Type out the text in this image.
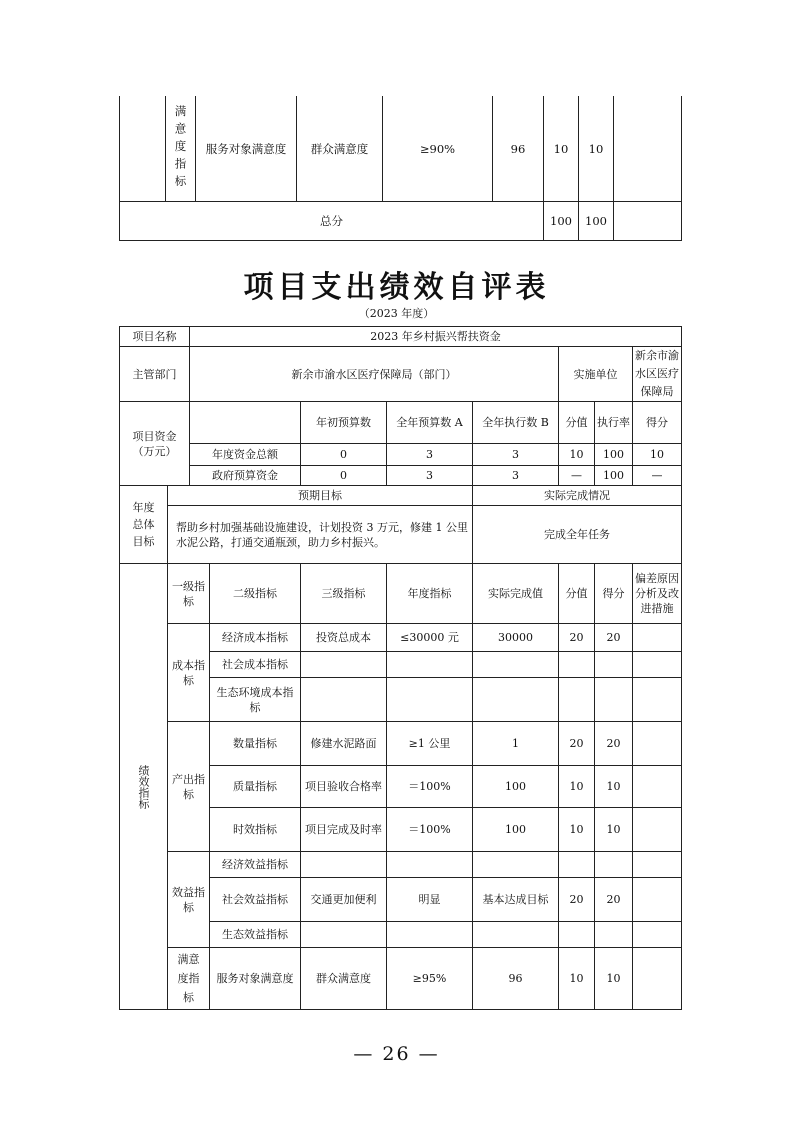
	满意度指标	服务对象满意度	群众满意度	≥90%	96	10	10	
总分						100	100	
项目支出绩效自评表
（2023 年度）
项目名称		2023 年乡村振兴帮扶资金							
主管部门		新余市渝水区医疗保障局（部门）					实施单位		新余市渝水区医疗保障局

项目资金
（万元）				年初预算数	全年预算数 A	全年执行数 B	分值	执行率	得分
		年度资金总额		0	3	3	10	100	10
		政府预算资金		0	3	3	—	100	—

年度总体目标	预期目标					实际完成情况			
	帮助乡村加强基础设施建设，计划投资 3 万元，修建 1 公里水泥公路，打通交通瓶颈，助力乡村振兴。					完成全年任务			

绩效指标	一级指标		二级指标	三级指标	年度指标	实际完成值	分值	得分	偏差原因分析及改进措施
	成本指标		经济成本指标	投资总成本	≤30000 元	30000	20	20	
			社会成本指标						
			生态环境成本指标						
	产出指标		数量指标	修建水泥路面	≥1 公里	1	20	20	
			质量指标	项目验收合格率	＝100%	100	10	10	
			时效指标	项目完成及时率	＝100%	100	10	10	
	效益指标		经济效益指标						
			社会效益指标	交通更加便利	明显	基本达成目标	20	20	
			生态效益指标						

	满意度指标		服务对象满意度	群众满意度	≥95%	96	10	10	
— 26 —
